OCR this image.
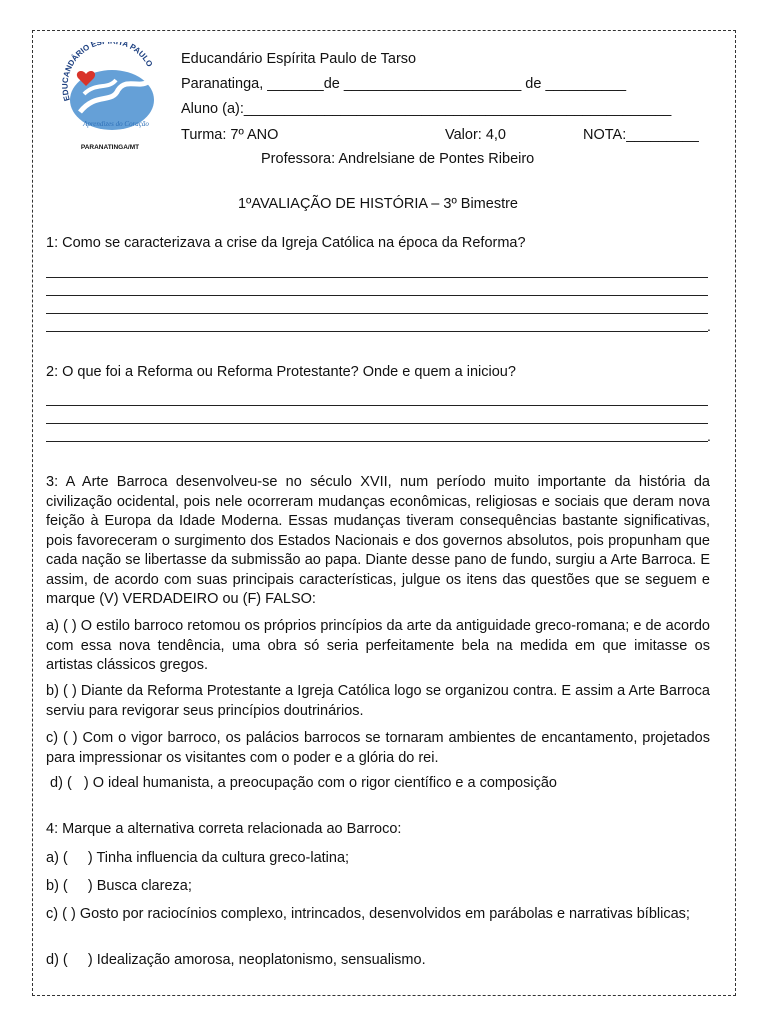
EDUCANDÁRIO ES TA PAULO
Aprendizes do Coração
PARANATINGA/MT
Educandário Espírita Paulo de Tarso
Paranatinga, _______de ______________________ de __________
Aluno (a):_____________________________________________________
Turma: 7º ANO	Valor: 4,0	NOTA:_________
Professora: Andrelsiane de Pontes Ribeiro
1ºAVALIAÇÃO DE HISTÓRIA – 3º Bimestre
1: Como se caracterizava a crise da Igreja Católica na época da Reforma?
.
2: O que foi a Reforma ou Reforma Protestante? Onde e quem a iniciou?
.
3: A Arte Barroca desenvolveu-se no século XVII, num período muito importante da história da civilização ocidental, pois nele ocorreram mudanças econômicas, religiosas e sociais que deram nova feição à Europa da Idade Moderna. Essas mudanças tiveram consequências bastante significativas, pois favoreceram o surgimento dos Estados Nacionais e dos governos absolutos, pois propunham que cada nação se libertasse da submissão ao papa. Diante desse pano de fundo, surgiu a Arte Barroca. E assim, de acordo com suas principais características, julgue os itens das questões que se seguem e marque (V) VERDADEIRO ou (F) FALSO:
a) ( ) O estilo barroco retomou os próprios princípios da arte da antiguidade greco-romana; e de acordo com essa nova tendência, uma obra só seria perfeitamente bela na medida em que imitasse os artistas clássicos gregos.
b) ( ) Diante da Reforma Protestante a Igreja Católica logo se organizou contra. E assim a Arte Barroca serviu para revigorar seus princípios doutrinários.
c) ( ) Com o vigor barroco, os palácios barrocos se tornaram ambientes de encantamento, projetados para impressionar os visitantes com o poder e a glória do rei.
d) (   ) O ideal humanista, a preocupação com o rigor científico e a composição
4: Marque a alternativa correta relacionada ao Barroco:
a) (     ) Tinha influencia da cultura greco-latina;
b) (     ) Busca clareza;
c) ( ) Gosto por raciocínios complexo, intrincados, desenvolvidos em parábolas e narrativas bíblicas;
d) (     ) Idealização amorosa, neoplatonismo, sensualismo.
